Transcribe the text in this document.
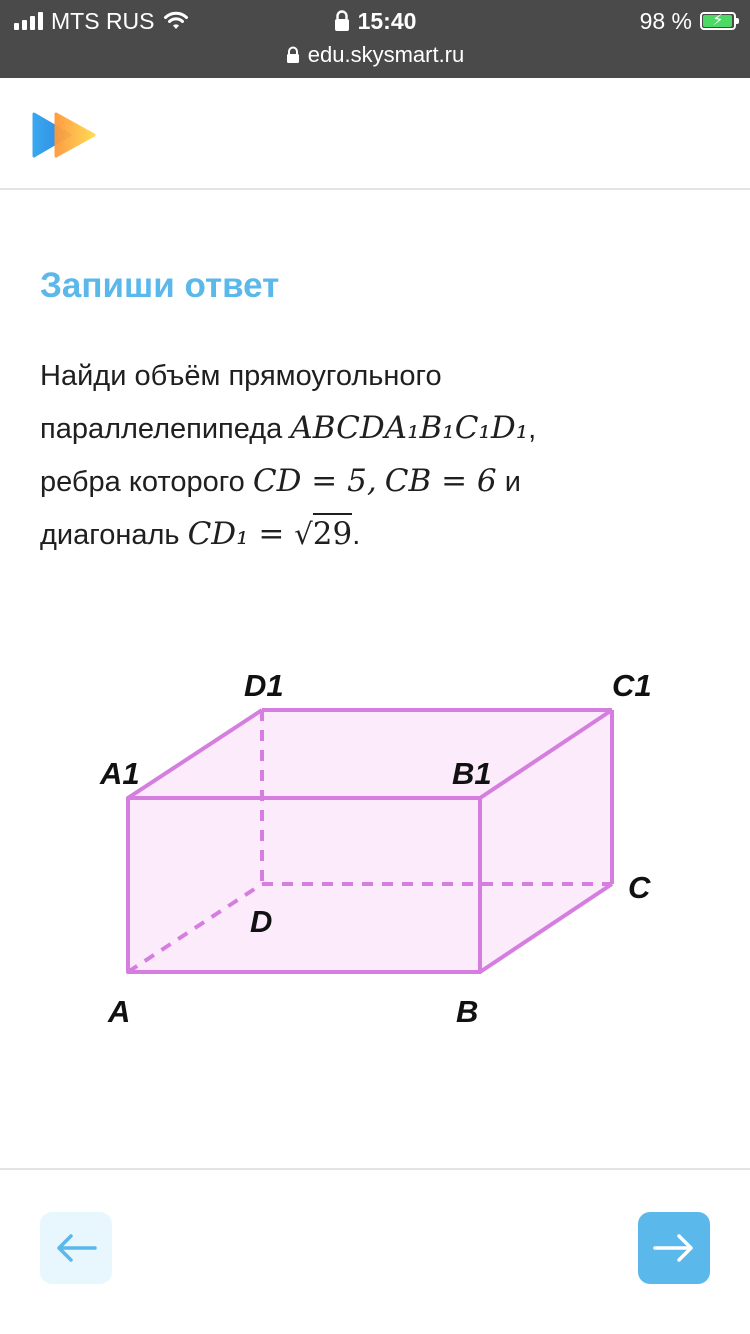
MTS RUS	15:40	98 %	⚡
edu.skysmart.ru
Запиши ответ

Найди объём прямоугольного
параллелепипеда ABCDA₁B₁C₁D₁,
ребра которого CD = 5, CB = 6 и
диагональ CD₁ = √29.

D1	C1
A1	B1
C
D
A	B
